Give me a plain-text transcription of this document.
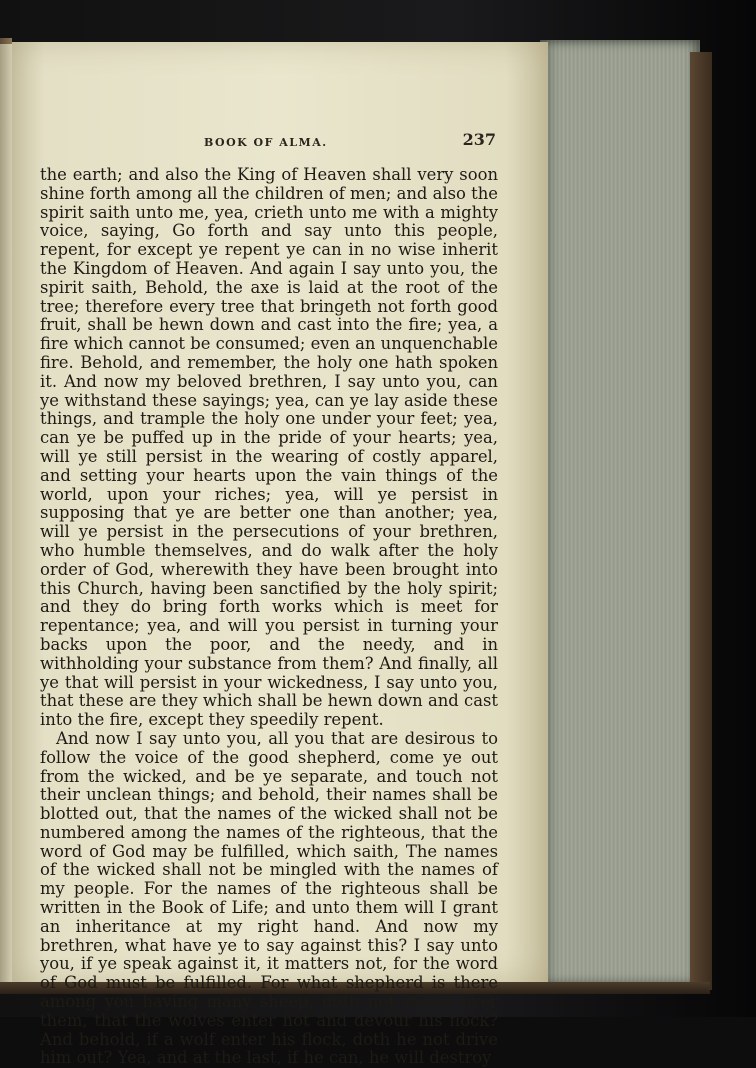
BOOK OF ALMA.	237

the earth; and also the King of Heaven shall very soon shine forth among all the children of men; and also the spirit saith unto me, yea, crieth unto me with a mighty voice, saying, Go forth and say unto this people, repent, for except ye repent ye can in no wise inherit the Kingdom of Heaven. And again I say unto you, the spirit saith, Behold, the axe is laid at the root of the tree; therefore every tree that bringeth not forth good fruit, shall be hewn down and cast into the fire; yea, a fire which cannot be consumed; even an unquenchable fire. Behold, and remember, the holy one hath spoken it. And now my beloved brethren, I say unto you, can ye withstand these sayings; yea, can ye lay aside these things, and trample the holy one under your feet; yea, can ye be puffed up in the pride of your hearts; yea, will ye still persist in the wearing of costly apparel, and setting your hearts upon the vain things of the world, upon your riches; yea, will ye persist in supposing that ye are better one than another; yea, will ye persist in the persecutions of your brethren, who humble themselves, and do walk after the holy order of God, wherewith they have been brought into this Church, having been sanctified by the holy spirit; and they do bring forth works which is meet for repentance; yea, and will you persist in turning your backs upon the poor, and the needy, and in withholding your substance from them? And finally, all ye that will persist in your wickedness, I say unto you, that these are they which shall be hewn down and cast into the fire, except they speedily repent.

And now I say unto you, all you that are desirous to follow the voice of the good shepherd, come ye out from the wicked, and be ye separate, and touch not their unclean things; and behold, their names shall be blotted out, that the names of the wicked shall not be numbered among the names of the righteous, that the word of God may be fulfilled, which saith, The names of the wicked shall not be mingled with the names of my people. For the names of the righteous shall be written in the Book of Life; and unto them will I grant an inheritance at my right hand. And now my brethren, what have ye to say against this? I say unto you, if ye speak against it, it matters not, for the word of God must be fulfilled. For what shepherd is there among you having many sheep, doth not watch over them, that the wolves enter not and devour his flock? And behold, if a wolf enter his flock, doth he not drive him out? Yea, and at the last, if he can, he will destroy
